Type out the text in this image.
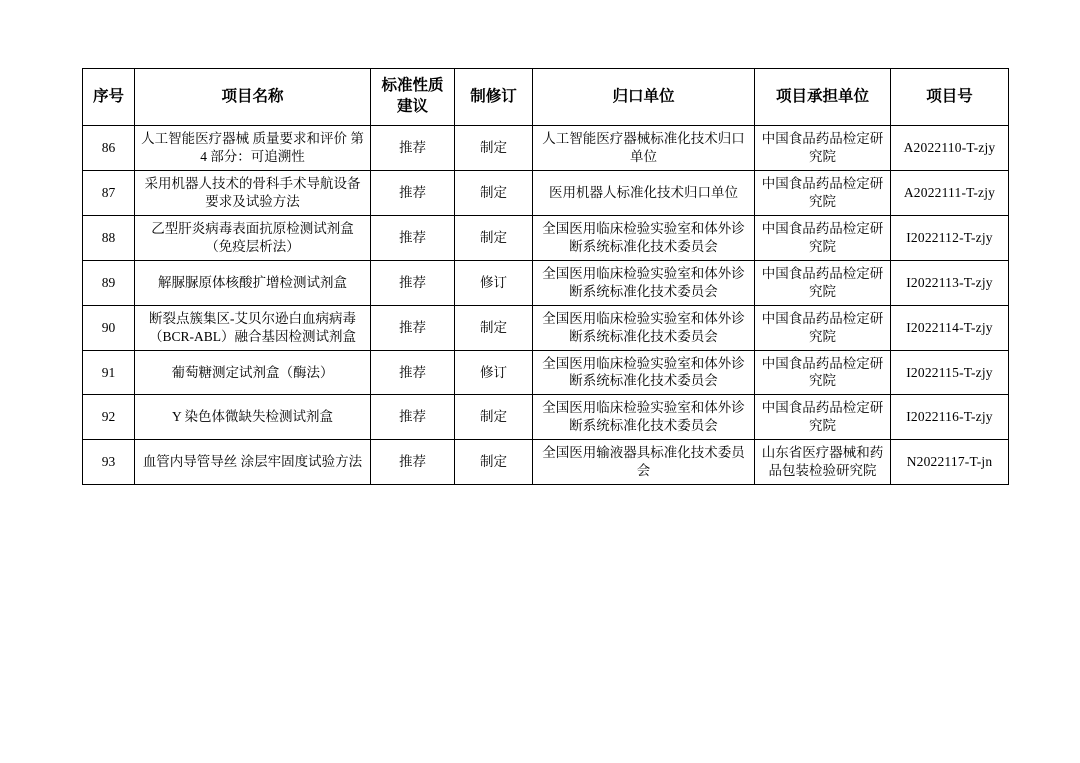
序号	项目名称	标准性质建议	制修订	归口单位	项目承担单位	项目号
86	人工智能医疗器械 质量要求和评价 第 4 部分：可追溯性	推荐	制定	人工智能医疗器械标准化技术归口单位	中国食品药品检定研究院	A2022110-T-zjy
87	采用机器人技术的骨科手术导航设备要求及试验方法	推荐	制定	医用机器人标准化技术归口单位	中国食品药品检定研究院	A2022111-T-zjy
88	乙型肝炎病毒表面抗原检测试剂盒（免疫层析法）	推荐	制定	全国医用临床检验实验室和体外诊断系统标准化技术委员会	中国食品药品检定研究院	I2022112-T-zjy
89	解脲脲原体核酸扩增检测试剂盒	推荐	修订	全国医用临床检验实验室和体外诊断系统标准化技术委员会	中国食品药品检定研究院	I2022113-T-zjy
90	断裂点簇集区-艾贝尔逊白血病病毒（BCR-ABL）融合基因检测试剂盒	推荐	制定	全国医用临床检验实验室和体外诊断系统标准化技术委员会	中国食品药品检定研究院	I2022114-T-zjy
91	葡萄糖测定试剂盒（酶法）	推荐	修订	全国医用临床检验实验室和体外诊断系统标准化技术委员会	中国食品药品检定研究院	I2022115-T-zjy
92	Y 染色体微缺失检测试剂盒	推荐	制定	全国医用临床检验实验室和体外诊断系统标准化技术委员会	中国食品药品检定研究院	I2022116-T-zjy
93	血管内导管导丝 涂层牢固度试验方法	推荐	制定	全国医用输液器具标准化技术委员会	山东省医疗器械和药品包装检验研究院	N2022117-T-jn
